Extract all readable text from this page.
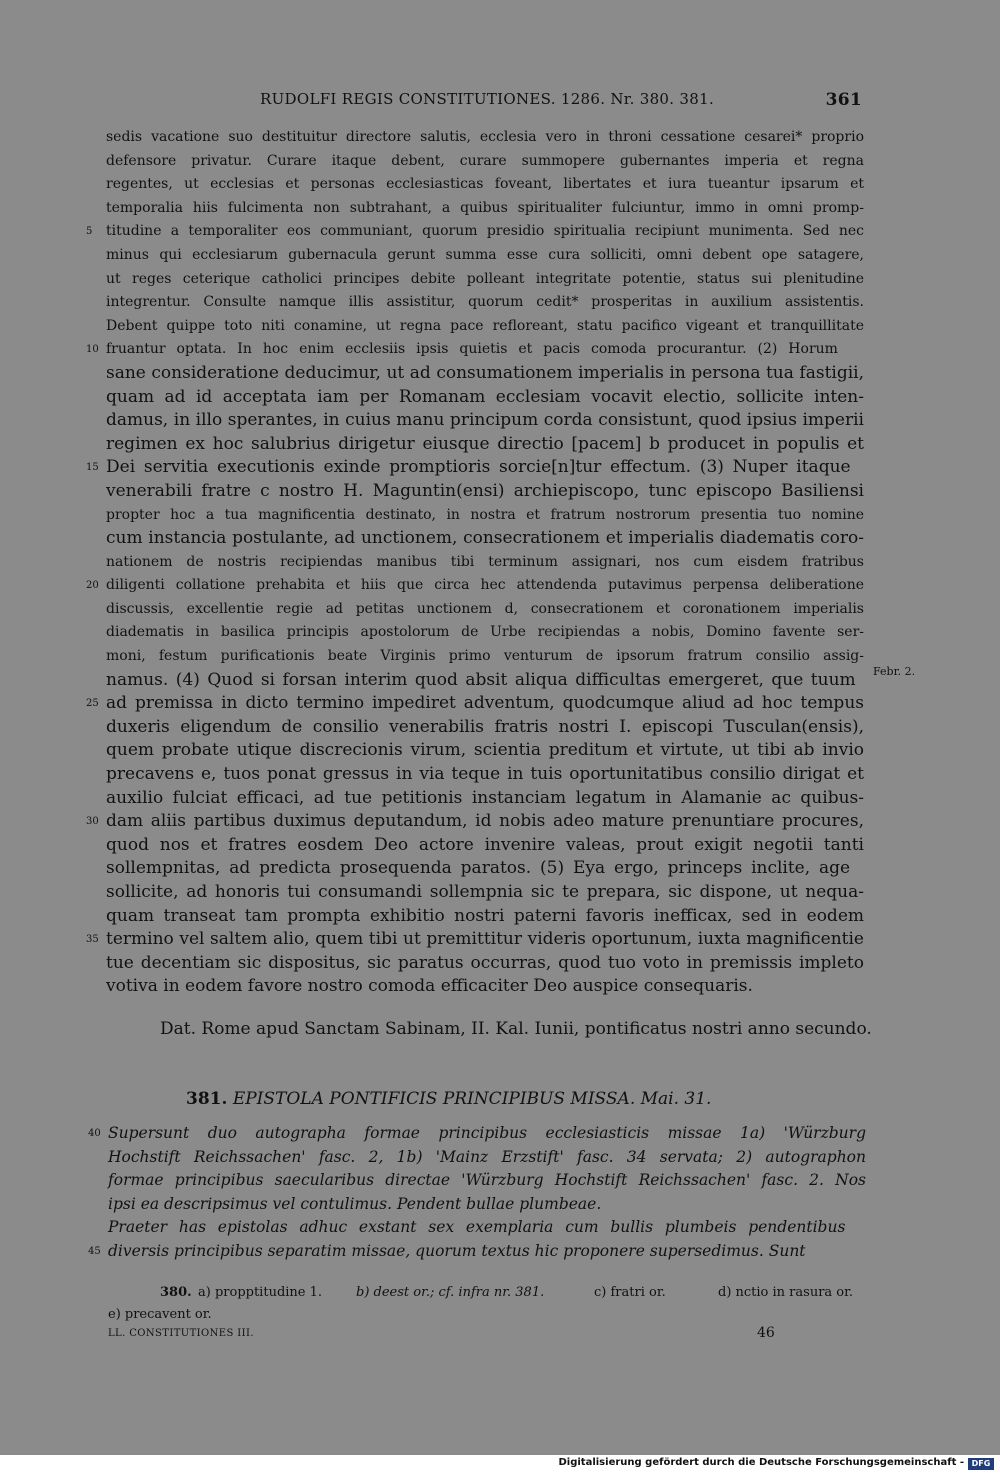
RUDOLFI REGIS CONSTITUTIONES. 1286. Nr. 380. 381.	361
sedis vacatione suo destituitur directore salutis, ecclesia vero in throni cessatione cesarei* proprio
defensore privatur. Curare itaque debent, curare summopere gubernantes imperia et regna
regentes, ut ecclesias et personas ecclesiasticas foveant, libertates et iura tueantur ipsarum et
temporalia hiis fulcimenta non subtrahant, a quibus spiritualiter fulciuntur, immo in omni promp-
5 titudine a temporaliter eos communiant, quorum presidio spiritualia recipiunt munimenta. Sed nec
minus qui ecclesiarum gubernacula gerunt summa esse cura solliciti, omni debent ope satagere,
ut reges ceterique catholici principes debite polleant integritate potentie, status sui plenitudine
integrentur. Consulte namque illis assistitur, quorum cedit* prosperitas in auxilium assistentis.
Debent quippe toto niti conamine, ut regna pace refloreant, statu pacifico vigeant et tranquillitate
10 fruantur optata. In hoc enim ecclesiis ipsis quietis et pacis comoda procurantur. (2) Horum
sane consideratione deducimur, ut ad consumationem imperialis in persona tua fastigii,
quam ad id acceptata iam per Romanam ecclesiam vocavit electio, sollicite inten-
damus, in illo sperantes, in cuius manu principum corda consistunt, quod ipsius imperii
regimen ex hoc salubrius dirigetur eiusque directio [pacem] b producet in populis et
15 Dei servitia executionis exinde promptioris sorcie[n]tur effectum. (3) Nuper itaque
venerabili fratre c nostro H. Maguntin(ensi) archiepiscopo, tunc episcopo Basiliensi
propter hoc a tua magnificentia destinato, in nostra et fratrum nostrorum presentia tuo nomine
cum instancia postulante, ad unctionem, consecrationem et imperialis diadematis coro-
nationem de nostris recipiendas manibus tibi terminum assignari, nos cum eisdem fratribus
20 diligenti collatione prehabita et hiis que circa hec attendenda putavimus perpensa deliberatione
discussis, excellentie regie ad petitas unctionem d, consecrationem et coronationem imperialis
diadematis in basilica principis apostolorum de Urbe recipiendas a nobis, Domino favente ser-
moni, festum purificationis beate Virginis primo venturum de ipsorum fratrum consilio assig-
namus. (4) Quod si forsan interim quod absit aliqua difficultas emergeret, que tuum
25 ad premissa in dicto termino impediret adventum, quodcumque aliud ad hoc tempus
duxeris eligendum de consilio venerabilis fratris nostri I. episcopi Tusculan(ensis),
quem probate utique discrecionis virum, scientia preditum et virtute, ut tibi ab invio
precavens e, tuos ponat gressus in via teque in tuis oportunitatibus consilio dirigat et
auxilio fulciat efficaci, ad tue petitionis instanciam legatum in Alamanie ac quibus-
30 dam aliis partibus duximus deputandum, id nobis adeo mature prenuntiare procures,
quod nos et fratres eosdem Deo actore invenire valeas, prout exigit negotii tanti
sollempnitas, ad predicta prosequenda paratos. (5) Eya ergo, princeps inclite, age
sollicite, ad honoris tui consumandi sollempnia sic te prepara, sic dispone, ut nequa-
quam transeat tam prompta exhibitio nostri paterni favoris inefficax, sed in eodem
35 termino vel saltem alio, quem tibi ut premittitur videris oportunum, iuxta magnificentie
tue decentiam sic dispositus, sic paratus occurras, quod tuo voto in premissis impleto
votiva in eodem favore nostro comoda efficaciter Deo auspice consequaris.
Febr. 2.
Dat. Rome apud Sanctam Sabinam, II. Kal. Iunii, pontificatus nostri anno secundo.
381. EPISTOLA PONTIFICIS PRINCIPIBUS MISSA. Mai. 31.
40 Supersunt duo autographa formae principibus ecclesiasticis missae 1a) 'Würzburg
Hochstift Reichssachen' fasc. 2, 1b) 'Mainz Erzstift' fasc. 34 servata; 2) autographon
formae principibus saecularibus directae 'Würzburg Hochstift Reichssachen' fasc. 2. Nos
ipsi ea descripsimus vel contulimus. Pendent bullae plumbeae.
Praeter has epistolas adhuc exstant sex exemplaria cum bullis plumbeis pendentibus
45 diversis principibus separatim missae, quorum textus hic proponere supersedimus. Sunt
380. a) propptitudine 1.	b) deest or.; cf. infra nr. 381.	c) fratri or.	d) nctio in rasura or.
e) precavent or.
LL. CONSTITUTIONES III.	46
Digitalisierung gefördert durch die Deutsche Forschungsgemeinschaft - DFG
